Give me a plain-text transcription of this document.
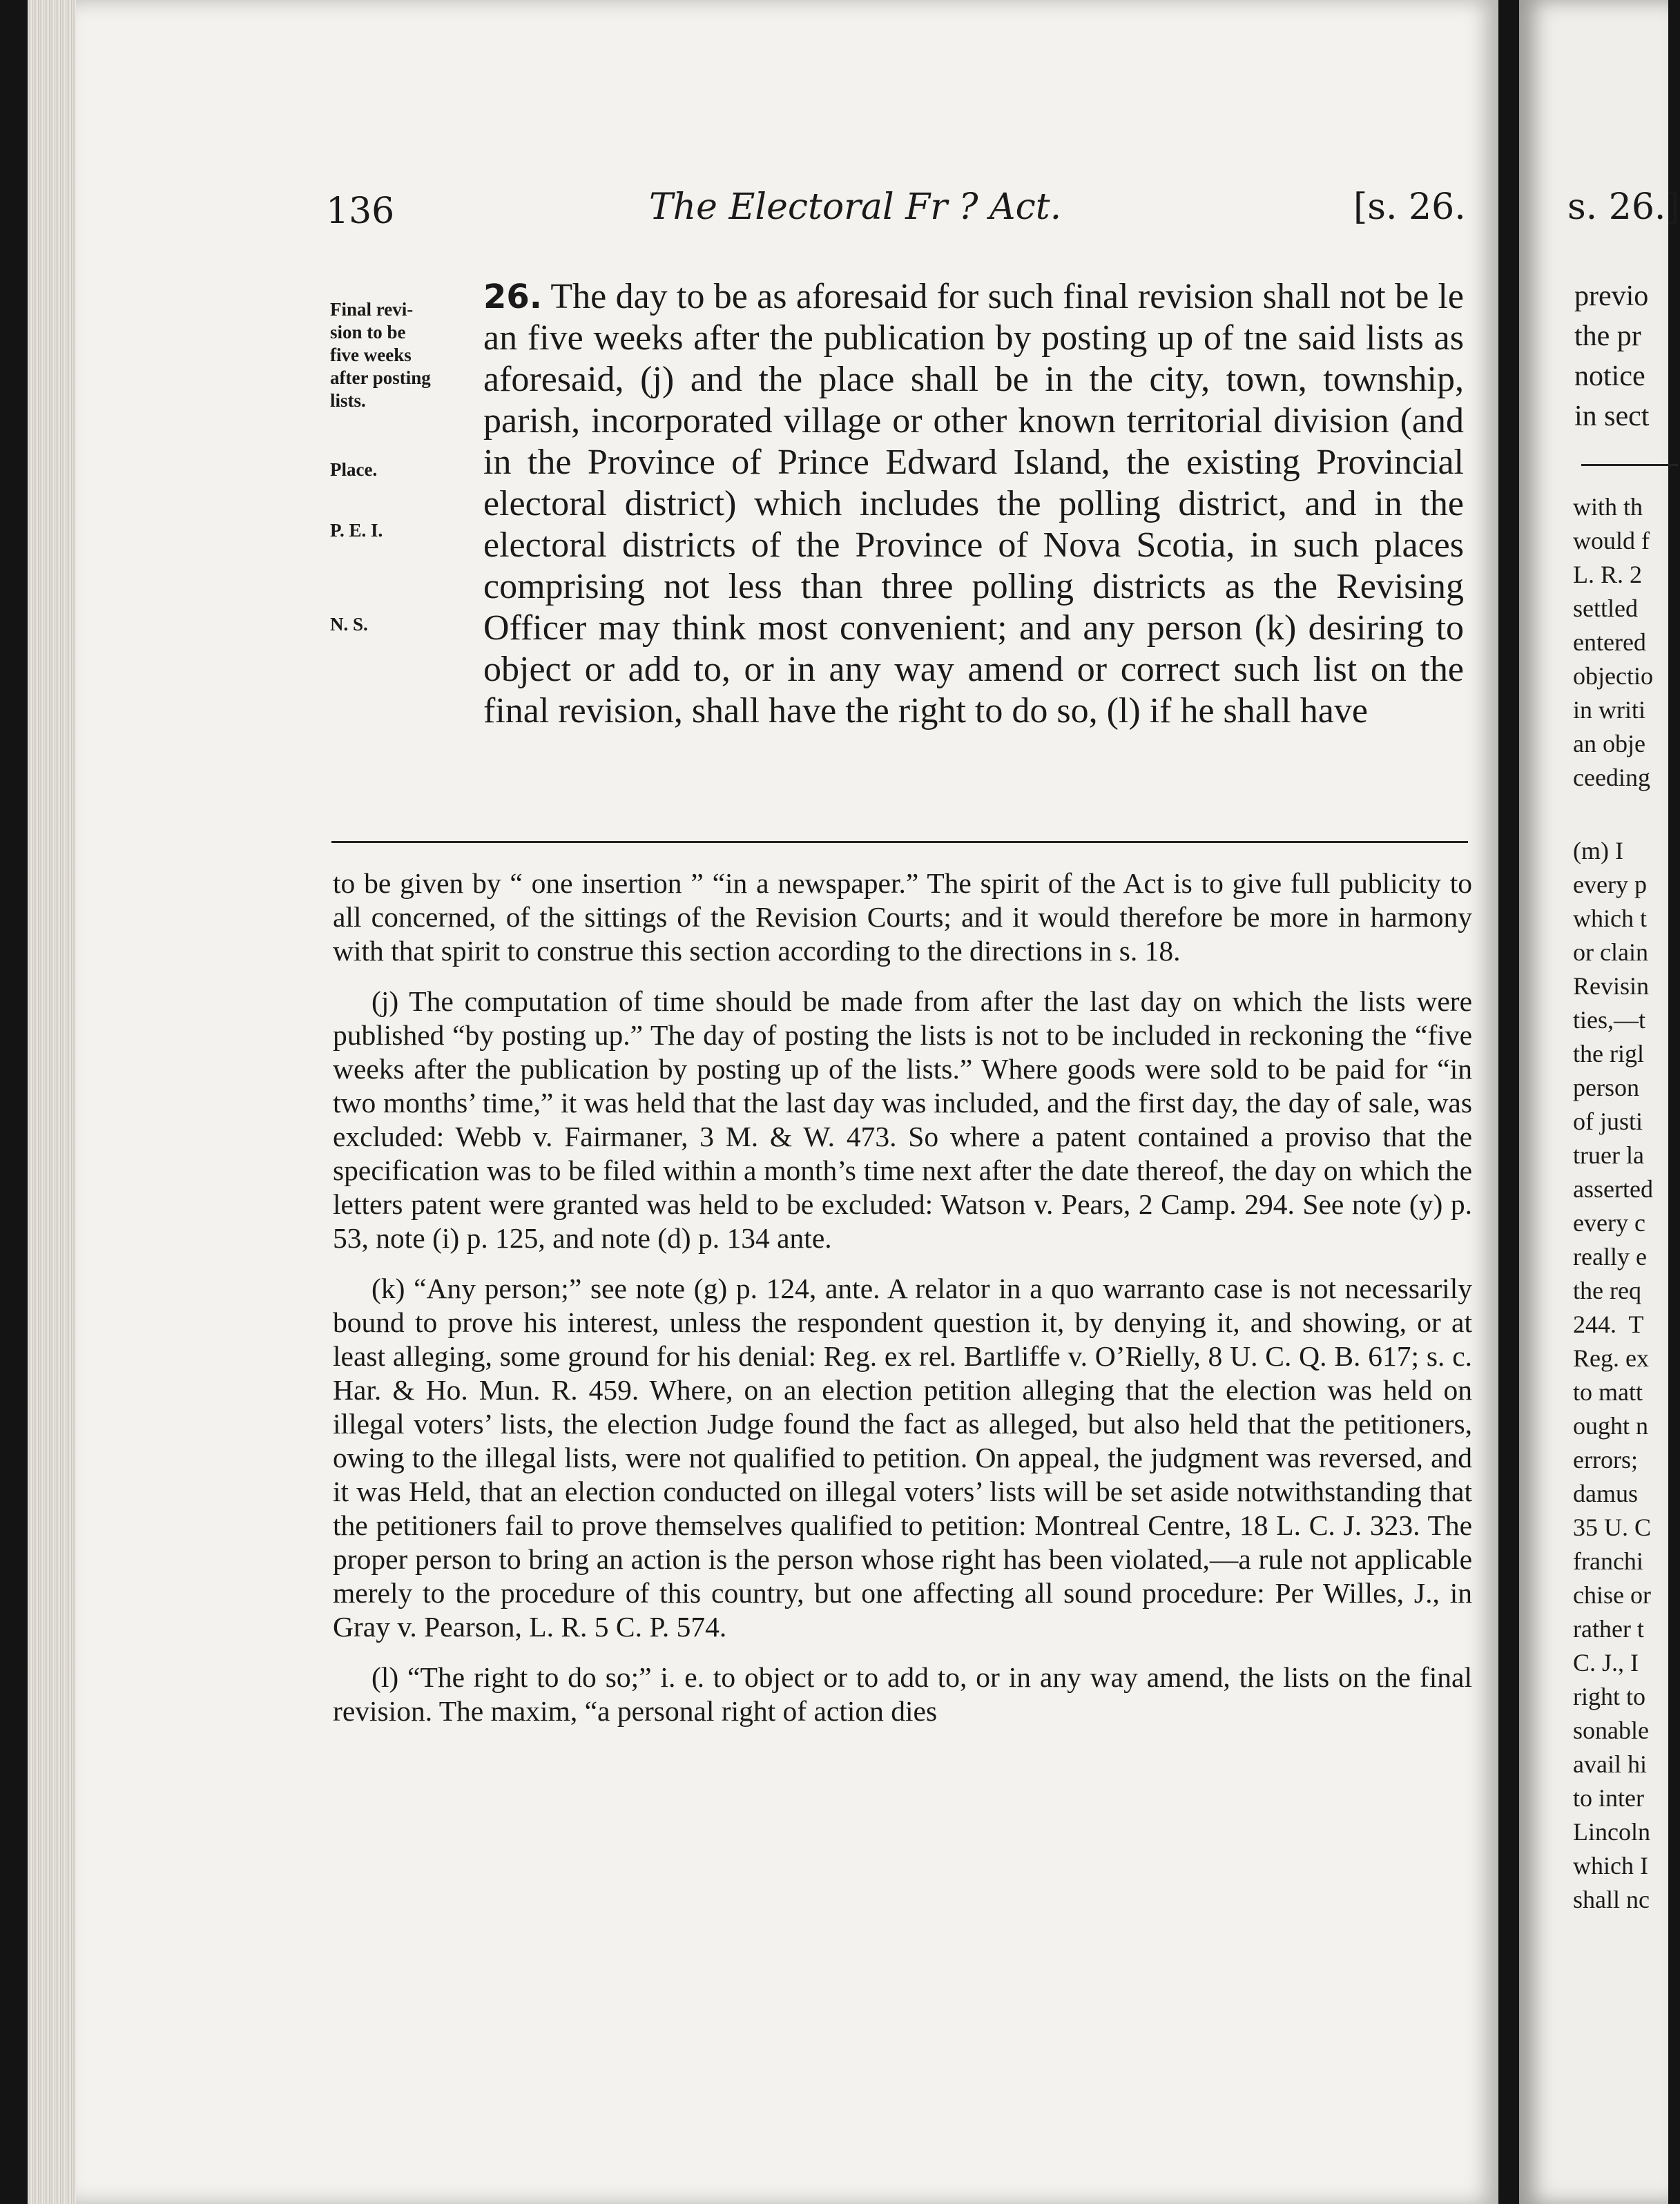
136	The Electoral Fr ? Act.	[s. 26.
Final revi-
sion to be
five weeks
after posting
lists.
Place.
P. E. I.
N. S.
26. The day to be as aforesaid for such final revision shall not be le an five weeks after the publication by posting up of tne said lists as aforesaid, (j) and the place shall be in the city, town, township, parish, incorporated village or other known territorial division (and in the Province of Prince Edward Island, the existing Provincial electoral district) which includes the polling district, and in the electoral districts of the Province of Nova Scotia, in such places comprising not less than three polling districts as the Revising Officer may think most convenient; and any person (k) desiring to object or add to, or in any way amend or correct such list on the final revision, shall have the right to do so, (l) if he shall have

to be given by “ one insertion ” “in a newspaper.” The spirit of the Act is to give full publicity to all concerned, of the sittings of the Revision Courts; and it would therefore be more in harmony with that spirit to construe this section according to the directions in s. 18.

(j) The computation of time should be made from after the last day on which the lists were published “by posting up.” The day of posting the lists is not to be included in reckoning the “five weeks after the publication by posting up of the lists.” Where goods were sold to be paid for “in two months’ time,” it was held that the last day was included, and the first day, the day of sale, was excluded: Webb v. Fairmaner, 3 M. & W. 473. So where a patent contained a proviso that the specification was to be filed within a month’s time next after the date thereof, the day on which the letters patent were granted was held to be excluded: Watson v. Pears, 2 Camp. 294. See note (y) p. 53, note (i) p. 125, and note (d) p. 134 ante.

(k) “Any person;” see note (g) p. 124, ante. A relator in a quo warranto case is not necessarily bound to prove his interest, unless the respondent question it, by denying it, and showing, or at least alleging, some ground for his denial: Reg. ex rel. Bartliffe v. O’Rielly, 8 U. C. Q. B. 617; s. c. Har. & Ho. Mun. R. 459. Where, on an election petition alleging that the election was held on illegal voters’ lists, the election Judge found the fact as alleged, but also held that the petitioners, owing to the illegal lists, were not qualified to petition. On appeal, the judgment was reversed, and it was Held, that an election conducted on illegal voters’ lists will be set aside notwithstanding that the petitioners fail to prove themselves qualified to petition: Montreal Centre, 18 L. C. J. 323. The proper person to bring an action is the person whose right has been violated,—a rule not applicable merely to the procedure of this country, but one affecting all sound procedure: Per Willes, J., in Gray v. Pearson, L. R. 5 C. P. 574.

(l) “The right to do so;” i. e. to object or to add to, or in any way amend, the lists on the final revision. The maxim, “a personal right of action dies

s. 26.]
previo
the pr
notice
in sect
with th
would f
L. R. 2
settled
entered
objectio
in writi
an obje
ceeding
(m) I
every p
which t
or clain
Revisin
ties,—t
the rigl
person
of justi
truer la
asserted
every c
really e
the req
244.  T
Reg. ex
to matt
ought n
errors;
damus
35 U. C
franchi
chise or
rather t
C. J., I
right to
sonable
avail hi
to inter
Lincoln
which I
shall nc
